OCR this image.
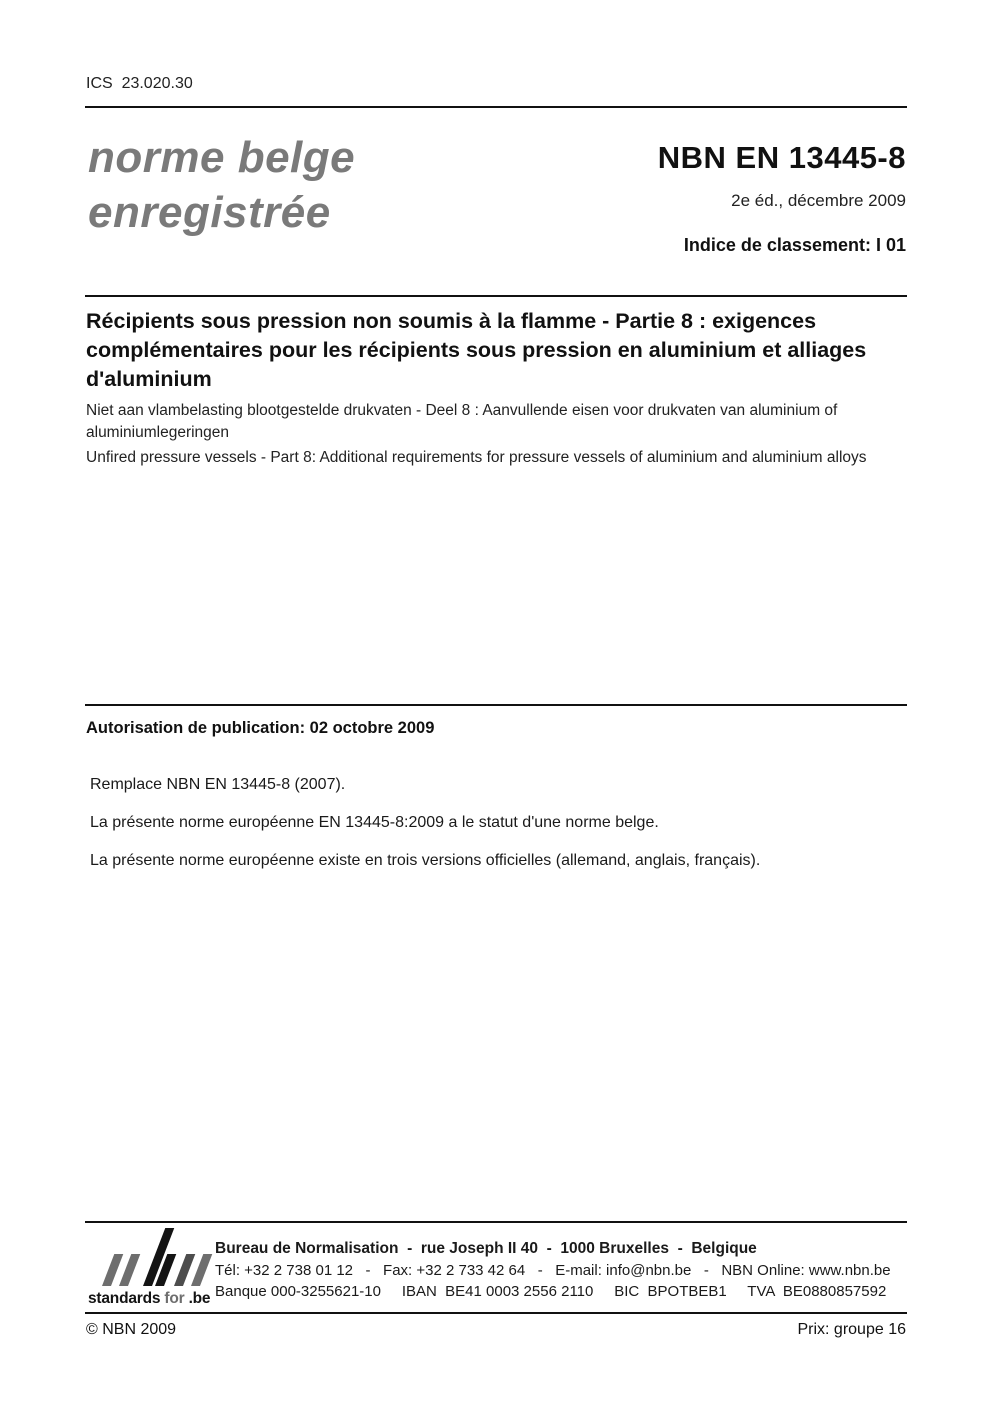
ICS  23.020.30
norme belge
enregistrée
NBN EN 13445-8
2e éd., décembre 2009
Indice de classement: I 01
Récipients sous pression non soumis à la flamme - Partie 8 : exigences complémentaires pour les récipients sous pression en aluminium et alliages d'aluminium
Niet aan vlambelasting blootgestelde drukvaten - Deel 8 : Aanvullende eisen voor drukvaten van aluminium of aluminiumlegeringen
Unfired pressure vessels - Part 8: Additional requirements for pressure vessels of aluminium and aluminium alloys
Autorisation de publication: 02 octobre 2009
Remplace NBN EN 13445-8 (2007).
La présente norme européenne EN 13445-8:2009 a le statut d'une norme belge.
La présente norme européenne existe en trois versions officielles (allemand, anglais, français).
standards for .be
Bureau de Normalisation  -  rue Joseph II 40  -  1000 Bruxelles  -  Belgique
Tél: +32 2 738 01 12   -   Fax: +32 2 733 42 64   -   E-mail: info@nbn.be   -   NBN Online: www.nbn.be
Banque 000-3255621-10     IBAN  BE41 0003 2556 2110     BIC  BPOTBEB1     TVA  BE0880857592
© NBN 2009	Prix: groupe 16
